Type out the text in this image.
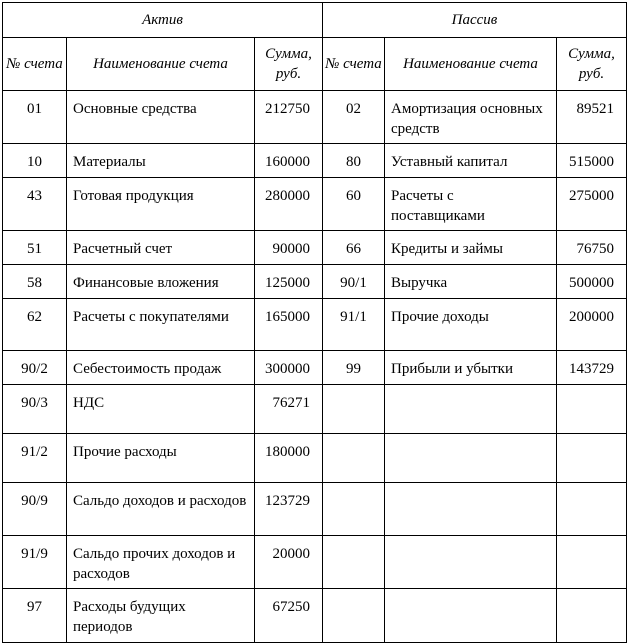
Актив			Пассив		
№ счета	Наименование счета	Сумма, руб.	№ счета	Наименование счета	Сумма, руб.
01	Основные средства	212750	02	Амортизация основных средств	89521
10	Материалы	160000	80	Уставный капитал	515000
43	Готовая продукция	280000	60	Расчеты с поставщиками	275000
51	Расчетный счет	90000	66	Кредиты и займы	76750
58	Финансовые вложения	125000	90/1	Выручка	500000
62	Расчеты с покупателями	165000	91/1	Прочие доходы	200000
90/2	Себестоимость продаж	300000	99	Прибыли и убытки	143729
90/3	НДС	76271			
91/2	Прочие расходы	180000			
90/9	Сальдо доходов и расходов	123729			
91/9	Сальдо прочих доходов и расходов	20000			
97	Расходы будущих периодов	67250			
